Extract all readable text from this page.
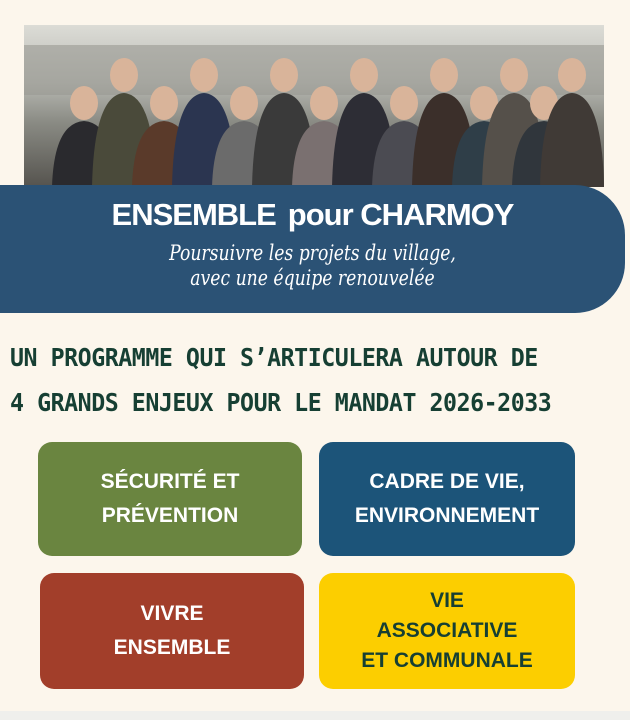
ENSEMBLE pour CHARMOY
Poursuivre les projets du village,
avec une équipe renouvelée
UN PROGRAMME QUI S’ARTICULERA AUTOUR DE
4 GRANDS ENJEUX POUR LE MANDAT 2026-2033
SÉCURITÉ ET
PRÉVENTION
CADRE DE VIE,
ENVIRONNEMENT
VIVRE
ENSEMBLE
VIE
ASSOCIATIVE
ET COMMUNALE
